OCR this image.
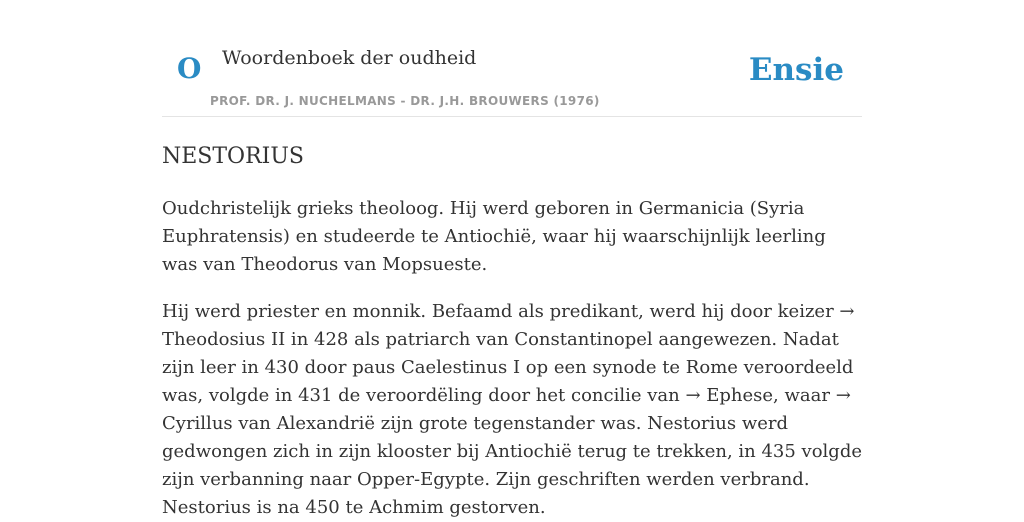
O Woordenboek der oudheid
PROF. DR. J. NUCHELMANS - DR. J.H. BROUWERS (1976)
Ensie
NESTORIUS

Oudchristelijk grieks theoloog. Hij werd geboren in Germanicia (Syria Euphratensis) en studeerde te Antiochië, waar hij waarschijnlijk leerling was van Theodorus van Mopsueste.

Hij werd priester en monnik. Befaamd als predikant, werd hij door keizer → Theodosius II in 428 als patriarch van Constantinopel aangewezen. Nadat zijn leer in 430 door paus Caelestinus I op een synode te Rome veroordeeld was, volgde in 431 de veroordëling door het concilie van → Ephese, waar → Cyrillus van Alexandrië zijn grote tegenstander was. Nestorius werd gedwongen zich in zijn klooster bij Antiochië terug te trekken, in 435 volgde zijn verbanning naar Opper-Egypte. Zijn geschriften werden verbrand. Nestorius is na 450 te Achmim gestorven.
